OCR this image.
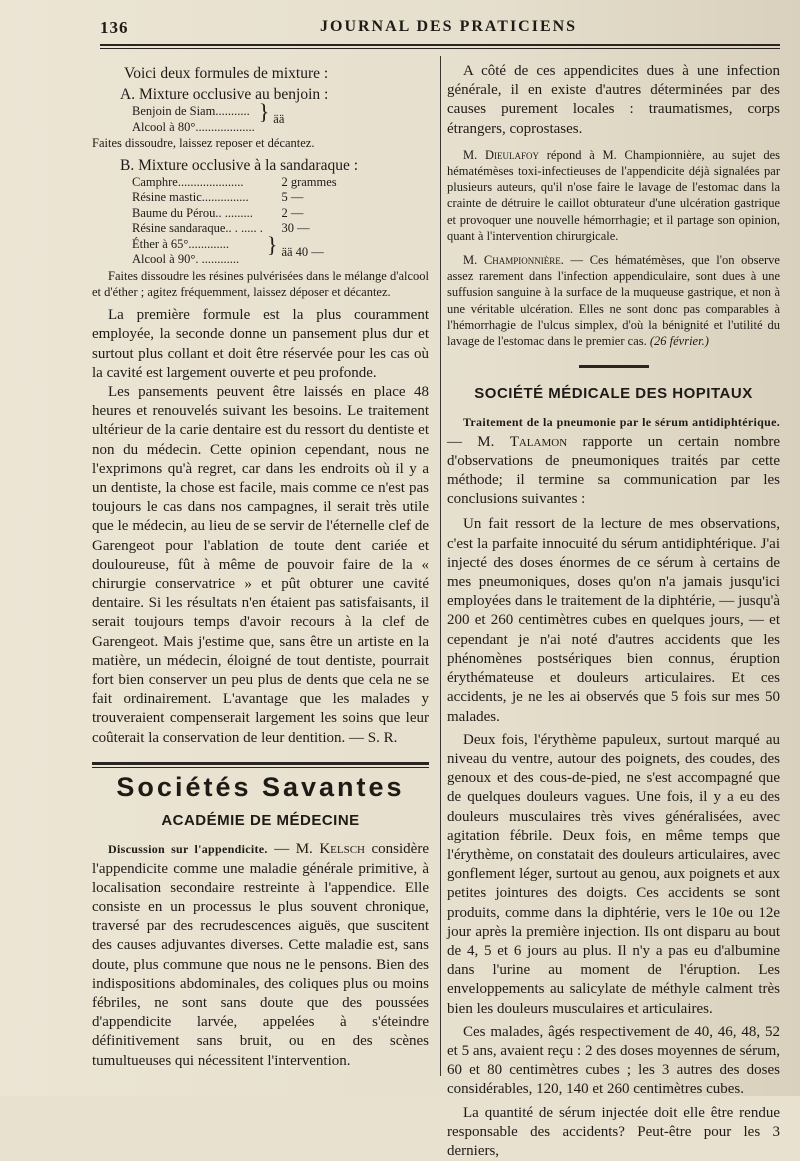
136	JOURNAL DES PRATICIENS

Voici deux formules de mixture :

A. Mixture occlusive au benjoin :
Benjoin de Siam...........	}	ää
Alcool à 80°...................

Faites dissoudre, laissez reposer et décantez.

B. Mixture occlusive à la sandaraque :
Camphre.....................		2 grammes
Résine mastic...............		5 —
Baume du Pérou.. .........		2 —
Résine sandaraque.. . ..... .		30 —
Éther à 65°.............	}	ää 40 —
Alcool à 90°. ............		

Faites dissoudre les résines pulvérisées dans le mélange d'alcool et d'éther ; agitez fréquemment, laissez déposer et décantez.

La première formule est la plus couramment employée, la seconde donne un pansement plus dur et surtout plus collant et doit être réservée pour les cas où la cavité est largement ouverte et peu profonde.

Les pansements peuvent être laissés en place 48 heures et renouvelés suivant les besoins. Le traitement ultérieur de la carie dentaire est du ressort du dentiste et non du médecin. Cette opinion cependant, nous ne l'exprimons qu'à regret, car dans les endroits où il y a un dentiste, la chose est facile, mais comme ce n'est pas toujours le cas dans nos campagnes, il serait très utile que le médecin, au lieu de se servir de l'éternelle clef de Garengeot pour l'ablation de toute dent cariée et douloureuse, fût à même de pouvoir faire de la « chirurgie conservatrice » et pût obturer une cavité dentaire. Si les résultats n'en étaient pas satisfaisants, il serait toujours temps d'avoir recours à la clef de Garengeot. Mais j'estime que, sans être un artiste en la matière, un médecin, éloigné de tout dentiste, pourrait fort bien conserver un peu plus de dents que cela ne se fait ordinairement. L'avantage que les malades y trouveraient compenserait largement les soins que leur coûterait la conservation de leur dentition. — S. R.

Sociétés Savantes
ACADÉMIE DE MÉDECINE

Discussion sur l'appendicite. — M. Kelsch considère l'appendicite comme une maladie générale primitive, à localisation secondaire restreinte à l'appendice. Elle consiste en un processus le plus souvent chronique, traversé par des recrudescences aiguës, que suscitent des causes adjuvantes diverses. Cette maladie est, sans doute, plus commune que nous ne le pensons. Bien des indispositions abdominales, des coliques plus ou moins fébriles, ne sont sans doute que des poussées d'appendicite larvée, appelées à s'éteindre définitivement sans bruit, ou en des scènes tumultueuses qui nécessitent l'intervention.

A côté de ces appendicites dues à une infection générale, il en existe d'autres déterminées par des causes purement locales : traumatismes, corps étrangers, coprostases.

M. Dieulafoy répond à M. Championnière, au sujet des hématémèses toxi-infectieuses de l'appendicite déjà signalées par plusieurs auteurs, qu'il n'ose faire le lavage de l'estomac dans la crainte de détruire le caillot obturateur d'une ulcération gastrique et provoquer une nouvelle hémorrhagie; et il partage son opinion, quant à l'intervention chirurgicale.

M. Championnière. — Ces hématémèses, que l'on observe assez rarement dans l'infection appendiculaire, sont dues à une suffusion sanguine à la surface de la muqueuse gastrique, et non à une véritable ulcération. Elles ne sont donc pas comparables à l'hémorrhagie de l'ulcus simplex, d'où la bénignité et l'utilité du lavage de l'estomac dans le premier cas. (26 février.)

SOCIÉTÉ MÉDICALE DES HOPITAUX

Traitement de la pneumonie par le sérum antidiphtérique. — M. Talamon rapporte un certain nombre d'observations de pneumoniques traités par cette méthode; il termine sa communication par les conclusions suivantes :

Un fait ressort de la lecture de mes observations, c'est la parfaite innocuité du sérum antidiphtérique. J'ai injecté des doses énormes de ce sérum à certains de mes pneumoniques, doses qu'on n'a jamais jusqu'ici employées dans le traitement de la diphtérie, — jusqu'à 200 et 260 centimètres cubes en quelques jours, — et cependant je n'ai noté d'autres accidents que les phénomènes postsériques bien connus, éruption érythémateuse et douleurs articulaires. Et ces accidents, je ne les ai observés que 5 fois sur mes 50 malades.

Deux fois, l'érythème papuleux, surtout marqué au niveau du ventre, autour des poignets, des coudes, des genoux et des cous-de-pied, ne s'est accompagné que de quelques douleurs vagues. Une fois, il y a eu des douleurs musculaires très vives généralisées, avec agitation fébrile. Deux fois, en même temps que l'érythème, on constatait des douleurs articulaires, avec gonflement léger, surtout au genou, aux poignets et aux petites jointures des doigts. Ces accidents se sont produits, comme dans la diphtérie, vers le 10e ou 12e jour après la première injection. Ils ont disparu au bout de 4, 5 et 6 jours au plus. Il n'y a pas eu d'albumine dans l'urine au moment de l'éruption. Les enveloppements au salicylate de méthyle calment très bien les douleurs musculaires et articulaires.

Ces malades, âgés respectivement de 40, 46, 48, 52 et 5 ans, avaient reçu : 2 des doses moyennes de sérum, 60 et 80 centimètres cubes ; les 3 autres des doses considérables, 120, 140 et 260 centimètres cubes.

La quantité de sérum injectée doit elle être rendue responsable des accidents? Peut-être pour les 3 derniers,
